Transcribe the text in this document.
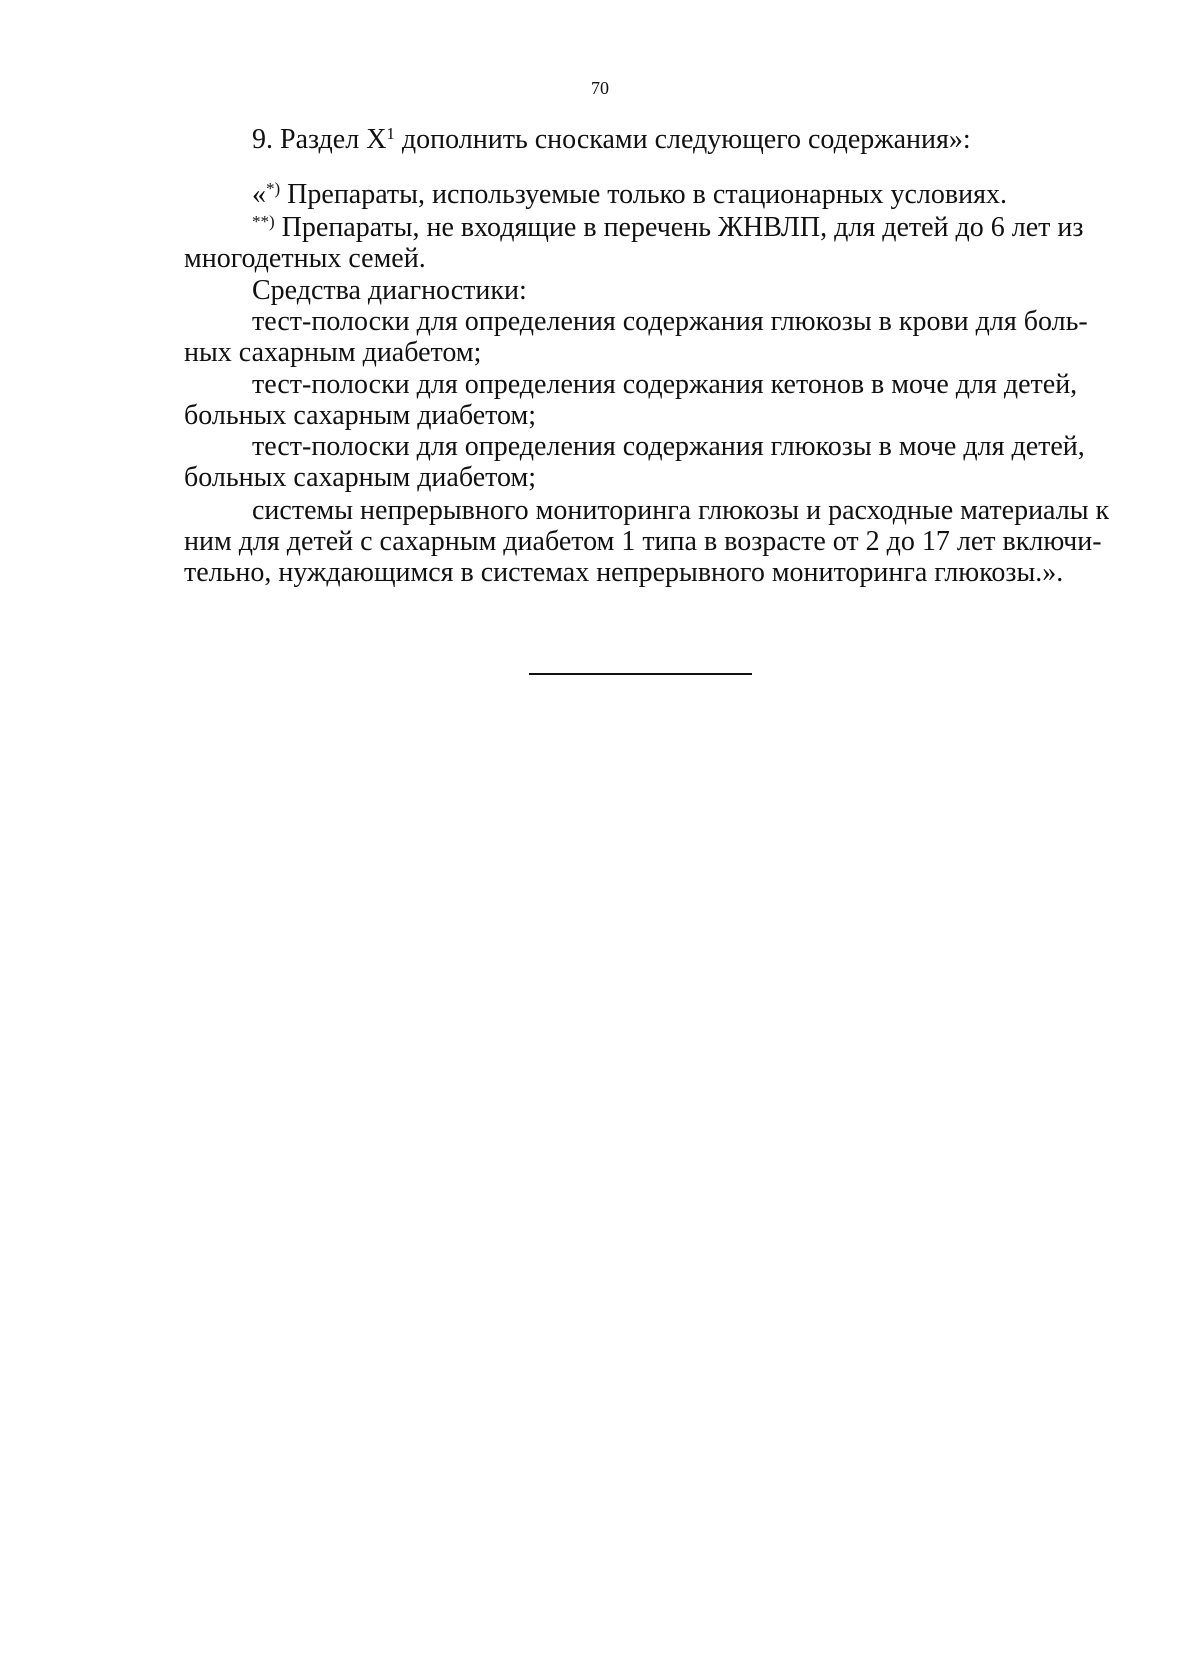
70
9. Раздел $X^1$ дополнить сносками следующего содержания»:
«*) Препараты, используемые только в стационарных условиях.
**) Препараты, не входящие в перечень ЖНВЛП, для детей до 6 лет из
многодетных семей.
Средства диагностики:
тест-полоски для определения содержания глюкозы в крови для боль-
ных сахарным диабетом;
тест-полоски для определения содержания кетонов в моче для детей,
больных сахарным диабетом;
тест-полоски для определения содержания глюкозы в моче для детей,
больных сахарным диабетом;
системы непрерывного мониторинга глюкозы и расходные материалы к
ним для детей с сахарным диабетом 1 типа в возрасте от 2 до 17 лет включи-
тельно, нуждающимся в системах непрерывного мониторинга глюкозы.».
